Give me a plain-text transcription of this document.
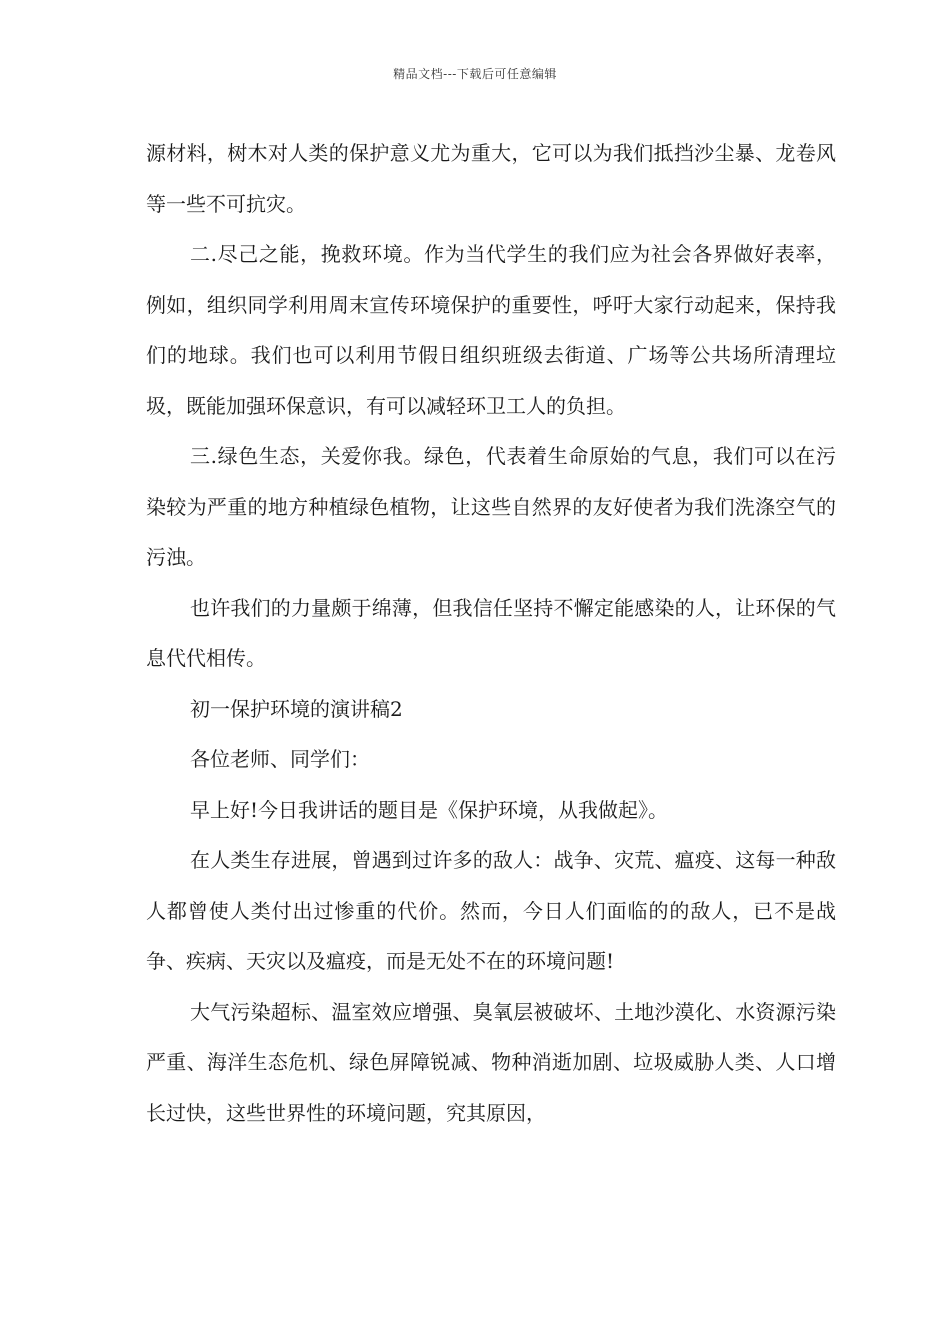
精品文档---下载后可任意编辑

源材料，树木对人类的保护意义尤为重大，它可以为我们抵挡沙尘暴、龙卷风等一些不可抗灾。

二.尽己之能，挽救环境。作为当代学生的我们应为社会各界做好表率，例如，组织同学利用周末宣传环境保护的重要性，呼吁大家行动起来，保持我们的地球。我们也可以利用节假日组织班级去街道、广场等公共场所清理垃圾，既能加强环保意识，有可以减轻环卫工人的负担。

三.绿色生态，关爱你我。绿色，代表着生命原始的气息，我们可以在污染较为严重的地方种植绿色植物，让这些自然界的友好使者为我们洗涤空气的污浊。

也许我们的力量颇于绵薄，但我信任坚持不懈定能感染的人，让环保的气息代代相传。

初一保护环境的演讲稿2

各位老师、同学们：

早上好!今日我讲话的题目是《保护环境，从我做起》。

在人类生存进展，曾遇到过许多的敌人：战争、灾荒、瘟疫、这每一种敌人都曾使人类付出过惨重的代价。然而，今日人们面临的的敌人，已不是战争、疾病、天灾以及瘟疫，而是无处不在的环境问题!

大气污染超标、温室效应增强、臭氧层被破坏、土地沙漠化、水资源污染严重、海洋生态危机、绿色屏障锐减、物种消逝加剧、垃圾威胁人类、人口增长过快，这些世界性的环境问题，究其原因，
